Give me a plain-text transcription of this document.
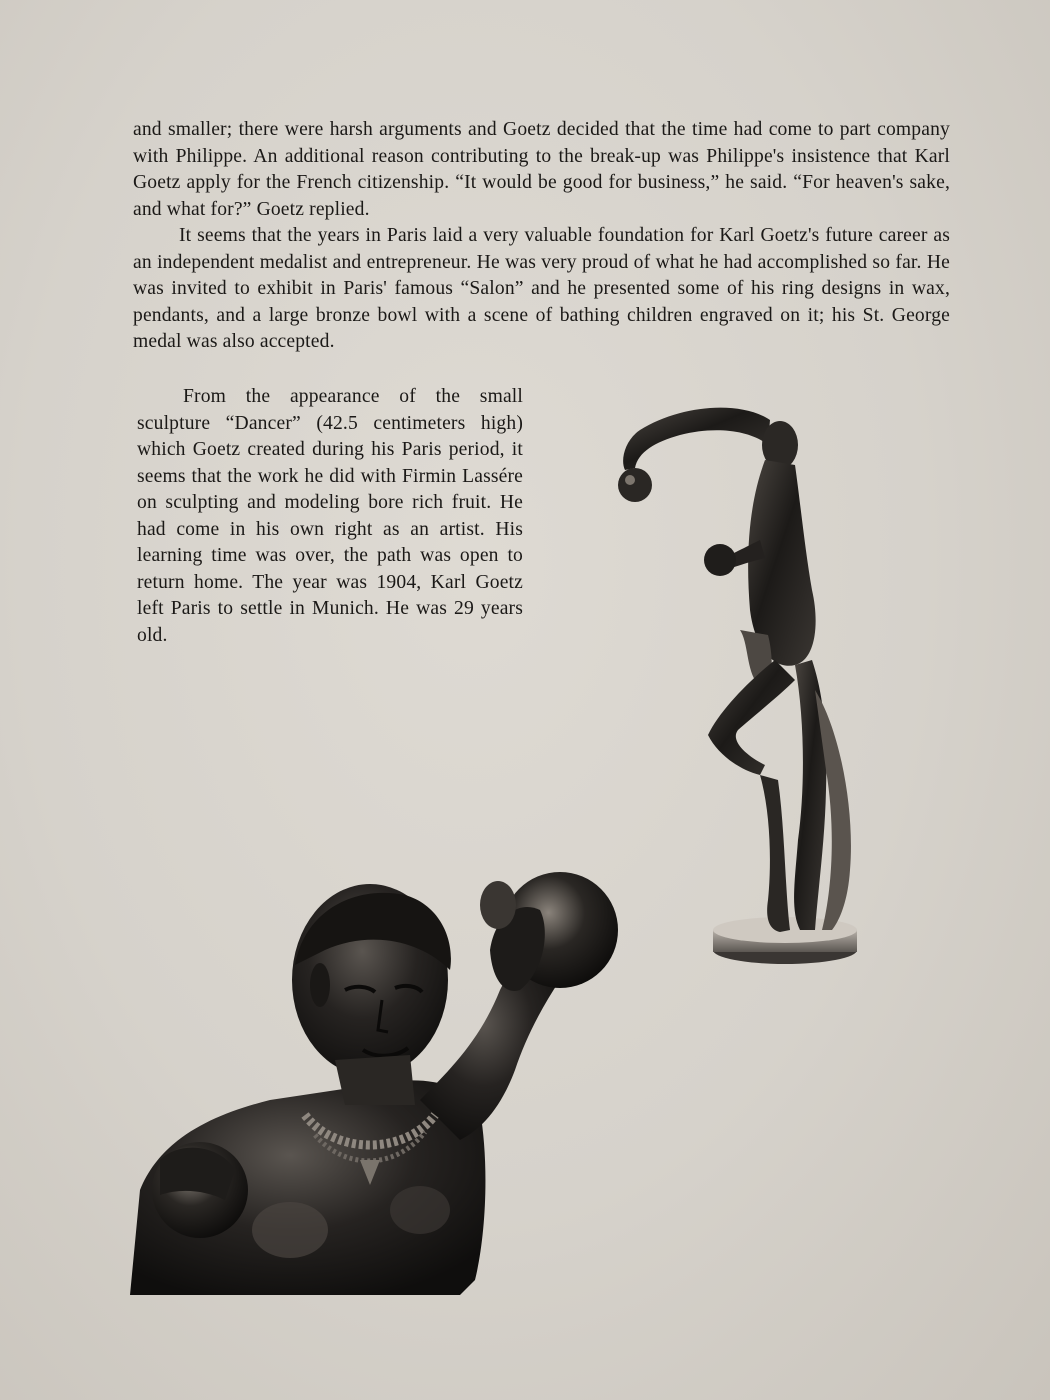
and smaller; there were harsh arguments and Goetz decided that the time had come to part company with Philippe. An additional reason contributing to the break-up was Philippe's insistence that Karl Goetz apply for the French citizenship. “It would be good for business,” he said. “For heaven's sake, and what for?” Goetz replied.

It seems that the years in Paris laid a very valuable foundation for Karl Goetz's future career as an independent medalist and entrepreneur. He was very proud of what he had accomplished so far. He was invited to exhibit in Paris' famous “Salon” and he presented some of his ring designs in wax, pendants, and a large bronze bowl with a scene of bathing children engraved on it; his St. George medal was also accepted.

From the appearance of the small sculpture “Dancer” (42.5 centimeters high) which Goetz created during his Paris period, it seems that the work he did with Firmin Lassére on sculpting and modeling bore rich fruit. He had come in his own right as an artist. His learning time was over, the path was open to return home. The year was 1904, Karl Goetz left Paris to settle in Munich. He was 29 years old.
